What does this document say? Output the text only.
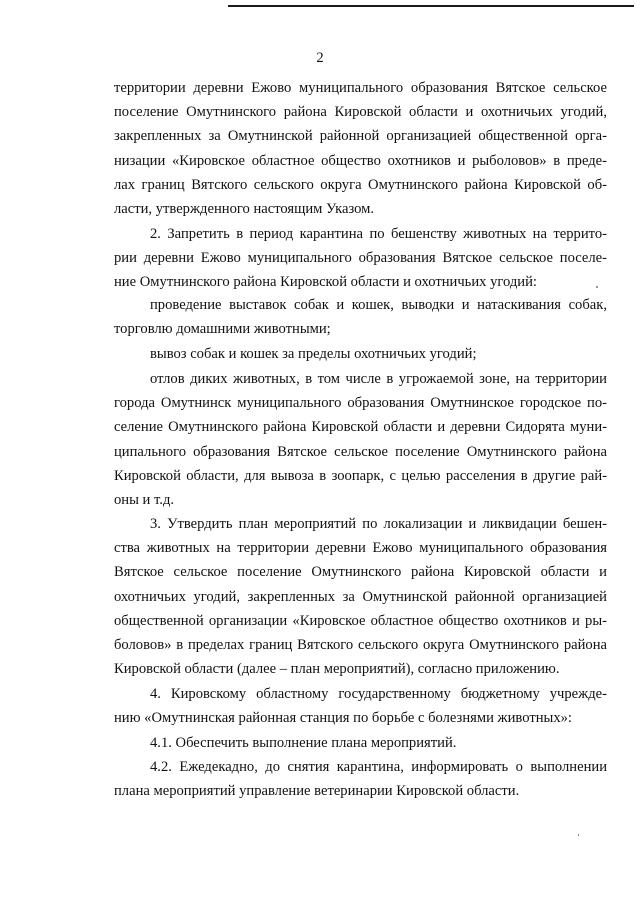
2
территории деревни Ежово муниципального образования Вятское сельское
поселение Омутнинского района Кировской области и охотничьих угодий,
закрепленных за Омутнинской районной организацией общественной орга-
низации «Кировское областное общество охотников и рыболовов» в преде-
лах границ Вятского сельского округа Омутнинского района Кировской об-
ласти, утвержденного настоящим Указом.
2. Запретить в период карантина по бешенству животных на террито-
рии деревни Ежово муниципального образования Вятское сельское поселе-
ние Омутнинского района Кировской области и охотничьих угодий:
проведение выставок собак и кошек, выводки и натаскивания собак,
торговлю домашними животными;
вывоз собак и кошек за пределы охотничьих угодий;
отлов диких животных, в том числе в угрожаемой зоне, на территории
города Омутнинск муниципального образования Омутнинское городское по-
селение Омутнинского района Кировской области и деревни Сидорята муни-
ципального образования Вятское сельское поселение Омутнинского района
Кировской области, для вывоза в зоопарк, с целью расселения в другие рай-
оны и т.д.
3. Утвердить план мероприятий по локализации и ликвидации бешен-
ства животных на территории деревни Ежово муниципального образования
Вятское сельское поселение Омутнинского района Кировской области и
охотничьих угодий, закрепленных за Омутнинской районной организацией
общественной организации «Кировское областное общество охотников и ры-
боловов» в пределах границ Вятского сельского округа Омутнинского района
Кировской области (далее – план мероприятий), согласно приложению.
4. Кировскому областному государственному бюджетному учрежде-
нию «Омутнинская районная станция по борьбе с болезнями животных»:
4.1. Обеспечить выполнение плана мероприятий.
4.2. Ежедекадно, до снятия карантина, информировать о выполнении
плана мероприятий управление ветеринарии Кировской области.
